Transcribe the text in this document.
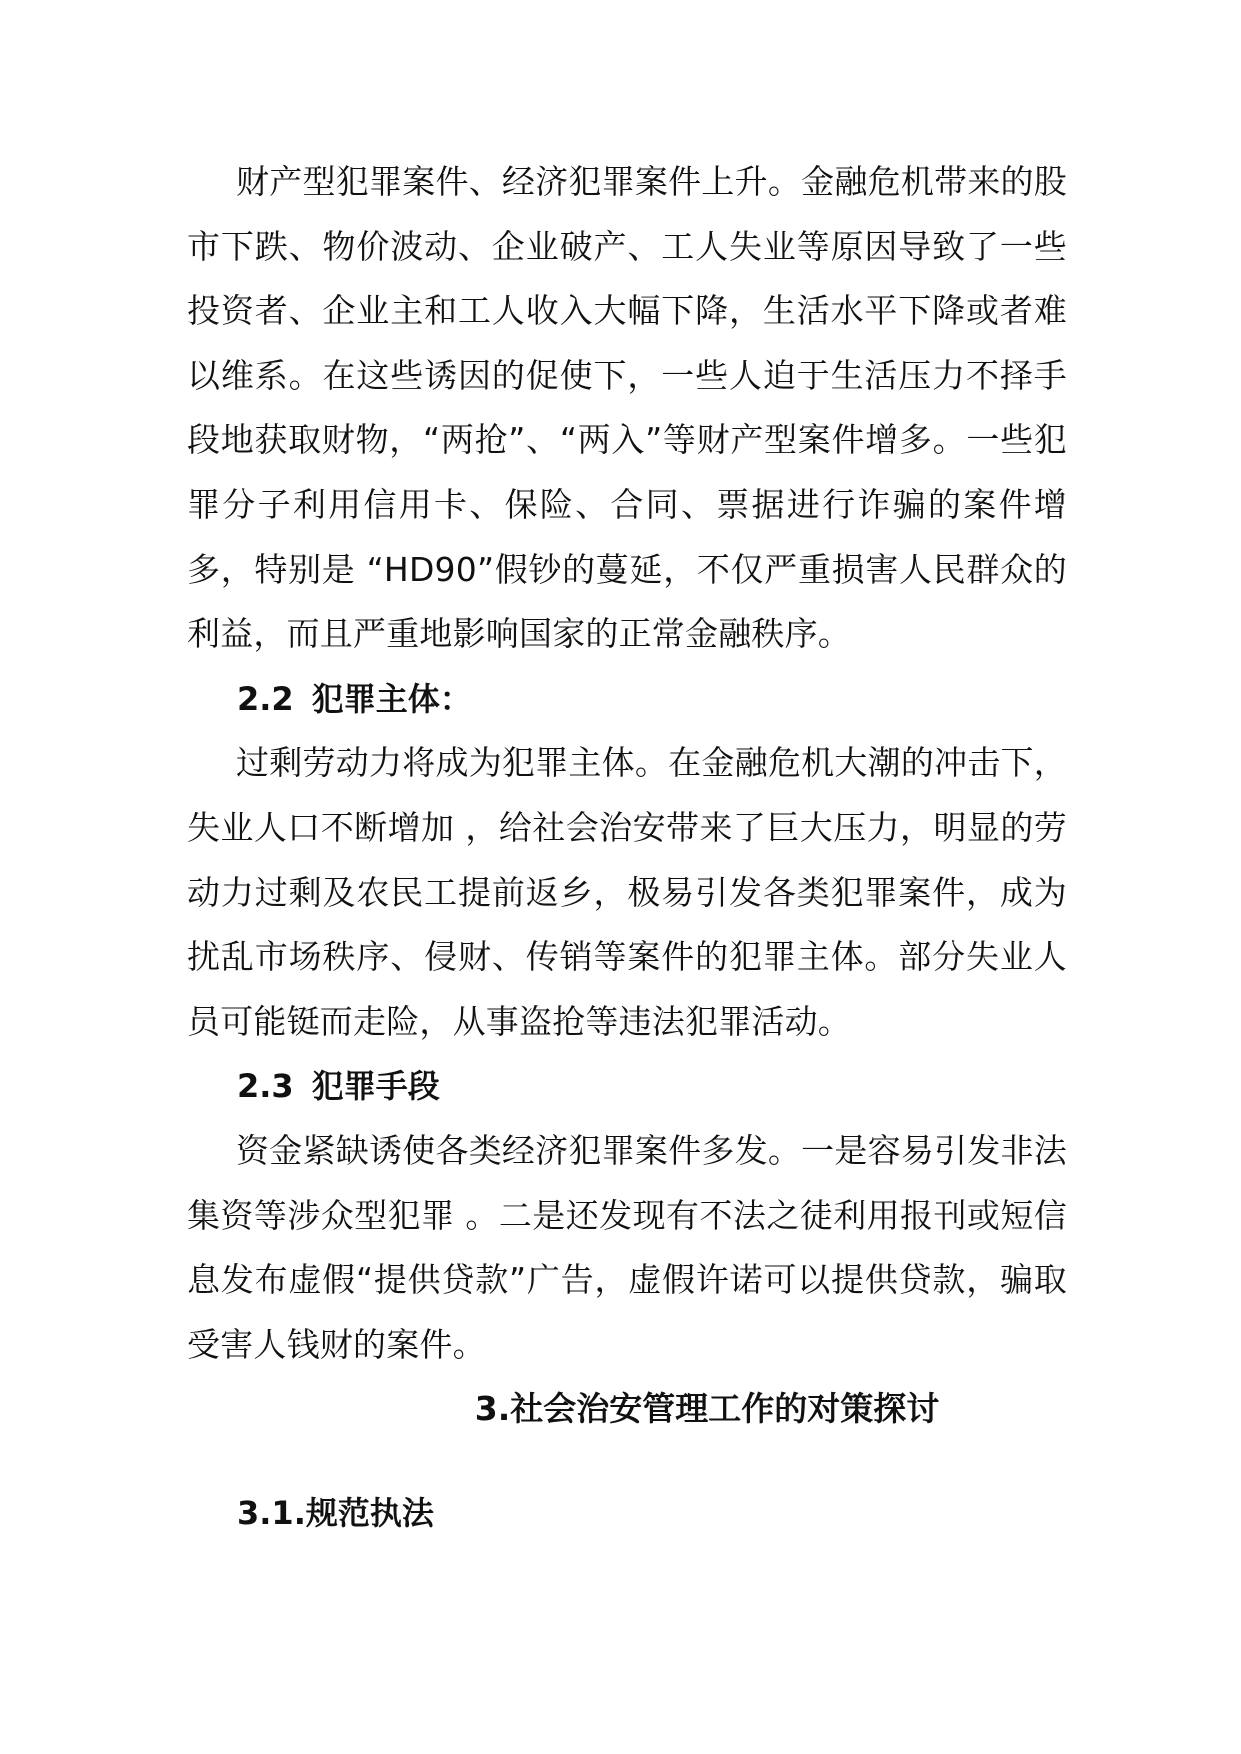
财产型犯罪案件、经济犯罪案件上升。金融危机带来的股市下跌、物价波动、企业破产、工人失业等原因导致了一些投资者、企业主和工人收入大幅下降，生活水平下降或者难以维系。在这些诱因的促使下，一些人迫于生活压力不择手段地获取财物，“两抢”、“两入”等财产型案件增多。一些犯罪分子利用信用卡、保险、合同、票据进行诈骗的案件增多，特别是 “HD90”假钞的蔓延，不仅严重损害人民群众的利益，而且严重地影响国家的正常金融秩序。

2.2 犯罪主体：

过剩劳动力将成为犯罪主体。在金融危机大潮的冲击下，失业人口不断增加 ，给社会治安带来了巨大压力，明显的劳动力过剩及农民工提前返乡，极易引发各类犯罪案件，成为扰乱市场秩序、侵财、传销等案件的犯罪主体。部分失业人员可能铤而走险，从事盗抢等违法犯罪活动。

2.3 犯罪手段

资金紧缺诱使各类经济犯罪案件多发。一是容易引发非法集资等涉众型犯罪 。二是还发现有不法之徒利用报刊或短信息发布虚假“提供贷款”广告，虚假许诺可以提供贷款，骗取受害人钱财的案件。

3.社会治安管理工作的对策探讨
3.1.规范执法
